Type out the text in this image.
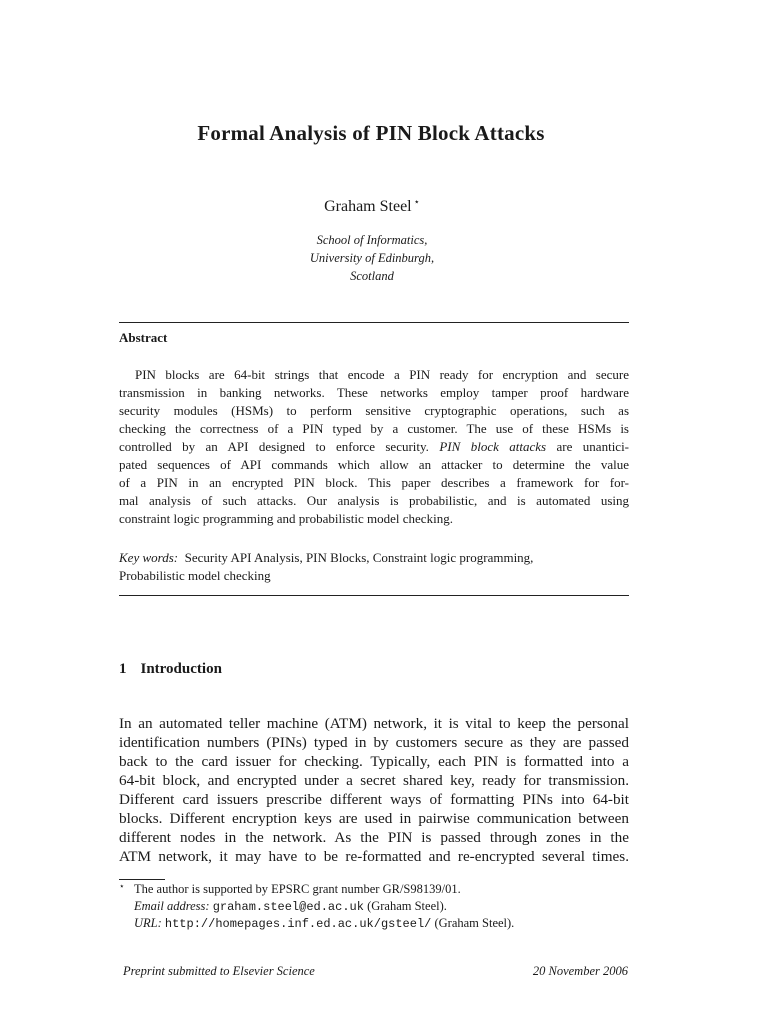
Formal Analysis of PIN Block Attacks
Graham Steel ⋆
School of Informatics,
University of Edinburgh,
Scotland
Abstract
PIN blocks are 64-bit strings that encode a PIN ready for encryption and secure
transmission in banking networks. These networks employ tamper proof hardware
security modules (HSMs) to perform sensitive cryptographic operations, such as
checking the correctness of a PIN typed by a customer. The use of these HSMs is
controlled by an API designed to enforce security. PIN block attacks are unantici-
pated sequences of API commands which allow an attacker to determine the value
of a PIN in an encrypted PIN block. This paper describes a framework for for-
mal analysis of such attacks. Our analysis is probabilistic, and is automated using
constraint logic programming and probabilistic model checking.
Key words: Security API Analysis, PIN Blocks, Constraint logic programming,
Probabilistic model checking
1 Introduction
In an automated teller machine (ATM) network, it is vital to keep the personal
identification numbers (PINs) typed in by customers secure as they are passed
back to the card issuer for checking. Typically, each PIN is formatted into a
64-bit block, and encrypted under a secret shared key, ready for transmission.
Different card issuers prescribe different ways of formatting PINs into 64-bit
blocks. Different encryption keys are used in pairwise communication between
different nodes in the network. As the PIN is passed through zones in the
ATM network, it may have to be re-formatted and re-encrypted several times.
⋆ The author is supported by EPSRC grant number GR/S98139/01.
Email address: graham.steel@ed.ac.uk (Graham Steel).
URL: http://homepages.inf.ed.ac.uk/gsteel/ (Graham Steel).
Preprint submitted to Elsevier Science	20 November 2006
